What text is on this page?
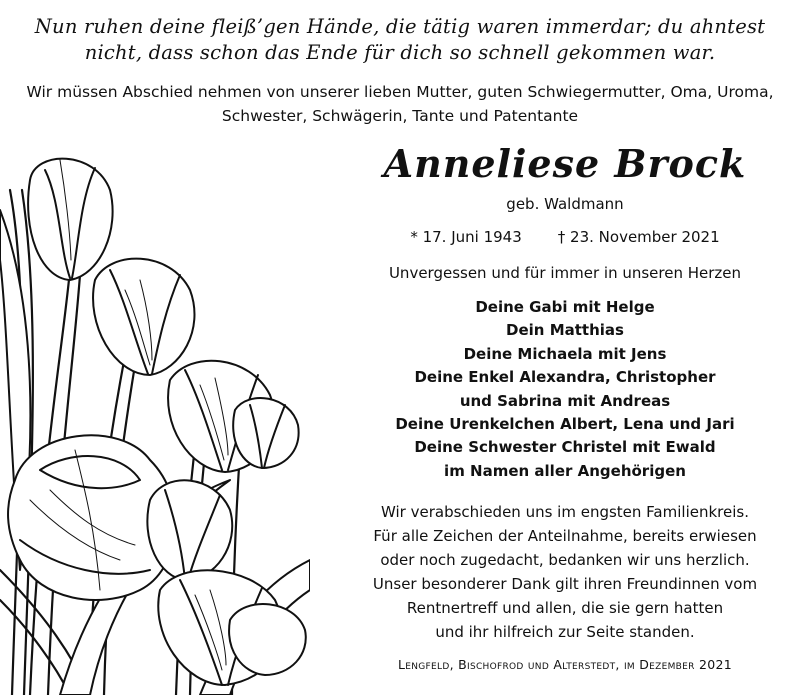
Nun ruhen deine fleiß’gen Hände, die tätig waren immerdar; du ahntest
nicht, dass schon das Ende für dich so schnell gekommen war.
Wir müssen Abschied nehmen von unserer lieben Mutter, guten Schwiegermutter, Oma, Uroma,
Schwester, Schwägerin, Tante und Patentante
Anneliese Brock
geb. Waldmann
* 17. Juni 1943 † 23. November 2021
Unvergessen und für immer in unseren Herzen
Deine Gabi mit Helge
Dein Matthias
Deine Michaela mit Jens
Deine Enkel Alexandra, Christopher
und Sabrina mit Andreas
Deine Urenkelchen Albert, Lena und Jari
Deine Schwester Christel mit Ewald
im Namen aller Angehörigen
Wir verabschieden uns im engsten Familienkreis.
Für alle Zeichen der Anteilnahme, bereits erwiesen
oder noch zugedacht, bedanken wir uns herzlich.
Unser besonderer Dank gilt ihren Freundinnen vom
Rentnertreff und allen, die sie gern hatten
und ihr hilfreich zur Seite standen.
Lengfeld, Bischofrod und Alterstedt, im Dezember 2021
